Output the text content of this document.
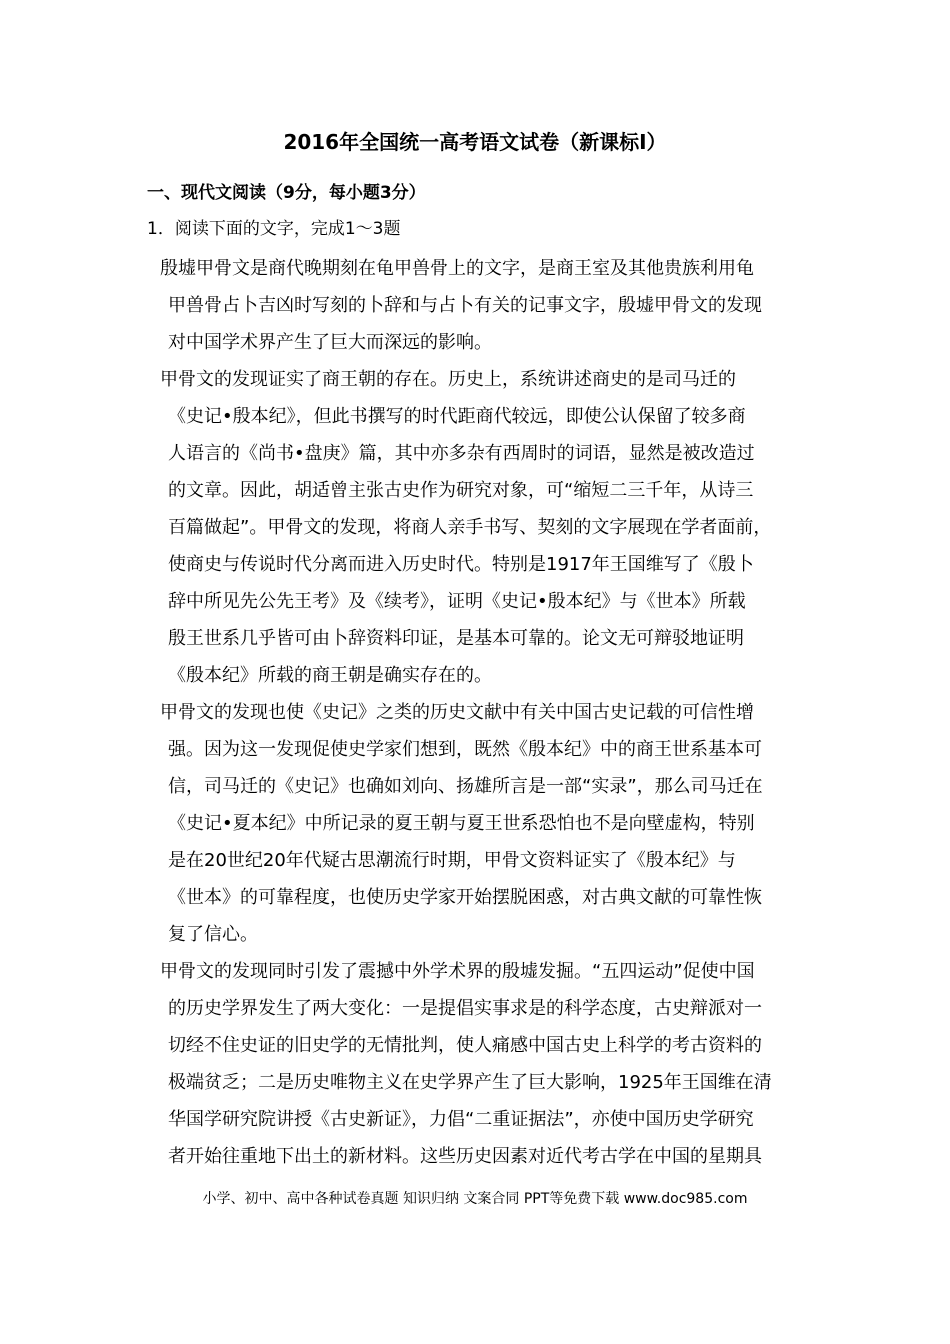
2016年全国统一高考语文试卷（新课标I）
一、现代文阅读（9分，每小题3分）
1．阅读下面的文字，完成1〜3题
殷墟甲骨文是商代晚期刻在龟甲兽骨上的文字，是商王室及其他贵族利用龟
甲兽骨占卜吉凶时写刻的卜辞和与占卜有关的记事文字，殷墟甲骨文的发现
对中国学术界产生了巨大而深远的影响。
甲骨文的发现证实了商王朝的存在。历史上，系统讲述商史的是司马迁的
《史记•殷本纪》，但此书撰写的时代距商代较远，即使公认保留了较多商
人语言的《尚书•盘庚》篇，其中亦多杂有西周时的词语，显然是被改造过
的文章。因此，胡适曾主张古史作为研究对象，可“缩短二三千年，从诗三
百篇做起”。甲骨文的发现，将商人亲手书写、契刻的文字展现在学者面前，
使商史与传说时代分离而进入历史时代。特别是1917年王国维写了《殷卜
辞中所见先公先王考》及《续考》，证明《史记•殷本纪》与《世本》所载
殷王世系几乎皆可由卜辞资料印证，是基本可靠的。论文无可辩驳地证明
《殷本纪》所载的商王朝是确实存在的。
甲骨文的发现也使《史记》之类的历史文献中有关中国古史记载的可信性增
强。因为这一发现促使史学家们想到，既然《殷本纪》中的商王世系基本可
信，司马迁的《史记》也确如刘向、扬雄所言是一部“实录”，那么司马迁在
《史记•夏本纪》中所记录的夏王朝与夏王世系恐怕也不是向壁虚构，特别
是在20世纪20年代疑古思潮流行时期，甲骨文资料证实了《殷本纪》与
《世本》的可靠程度，也使历史学家开始摆脱困惑，对古典文献的可靠性恢
复了信心。
甲骨文的发现同时引发了震撼中外学术界的殷墟发掘。“五四运动”促使中国
的历史学界发生了两大变化：一是提倡实事求是的科学态度，古史辩派对一
切经不住史证的旧史学的无情批判，使人痛感中国古史上科学的考古资料的
极端贫乏；二是历史唯物主义在史学界产生了巨大影响，1925年王国维在清
华国学研究院讲授《古史新证》，力倡“二重证据法”，亦使中国历史学研究
者开始往重地下出土的新材料。这些历史因素对近代考古学在中国的星期具
小学、初中、高中各种试卷真题 知识归纳 文案合同 PPT等免费下载 www.doc985.com
